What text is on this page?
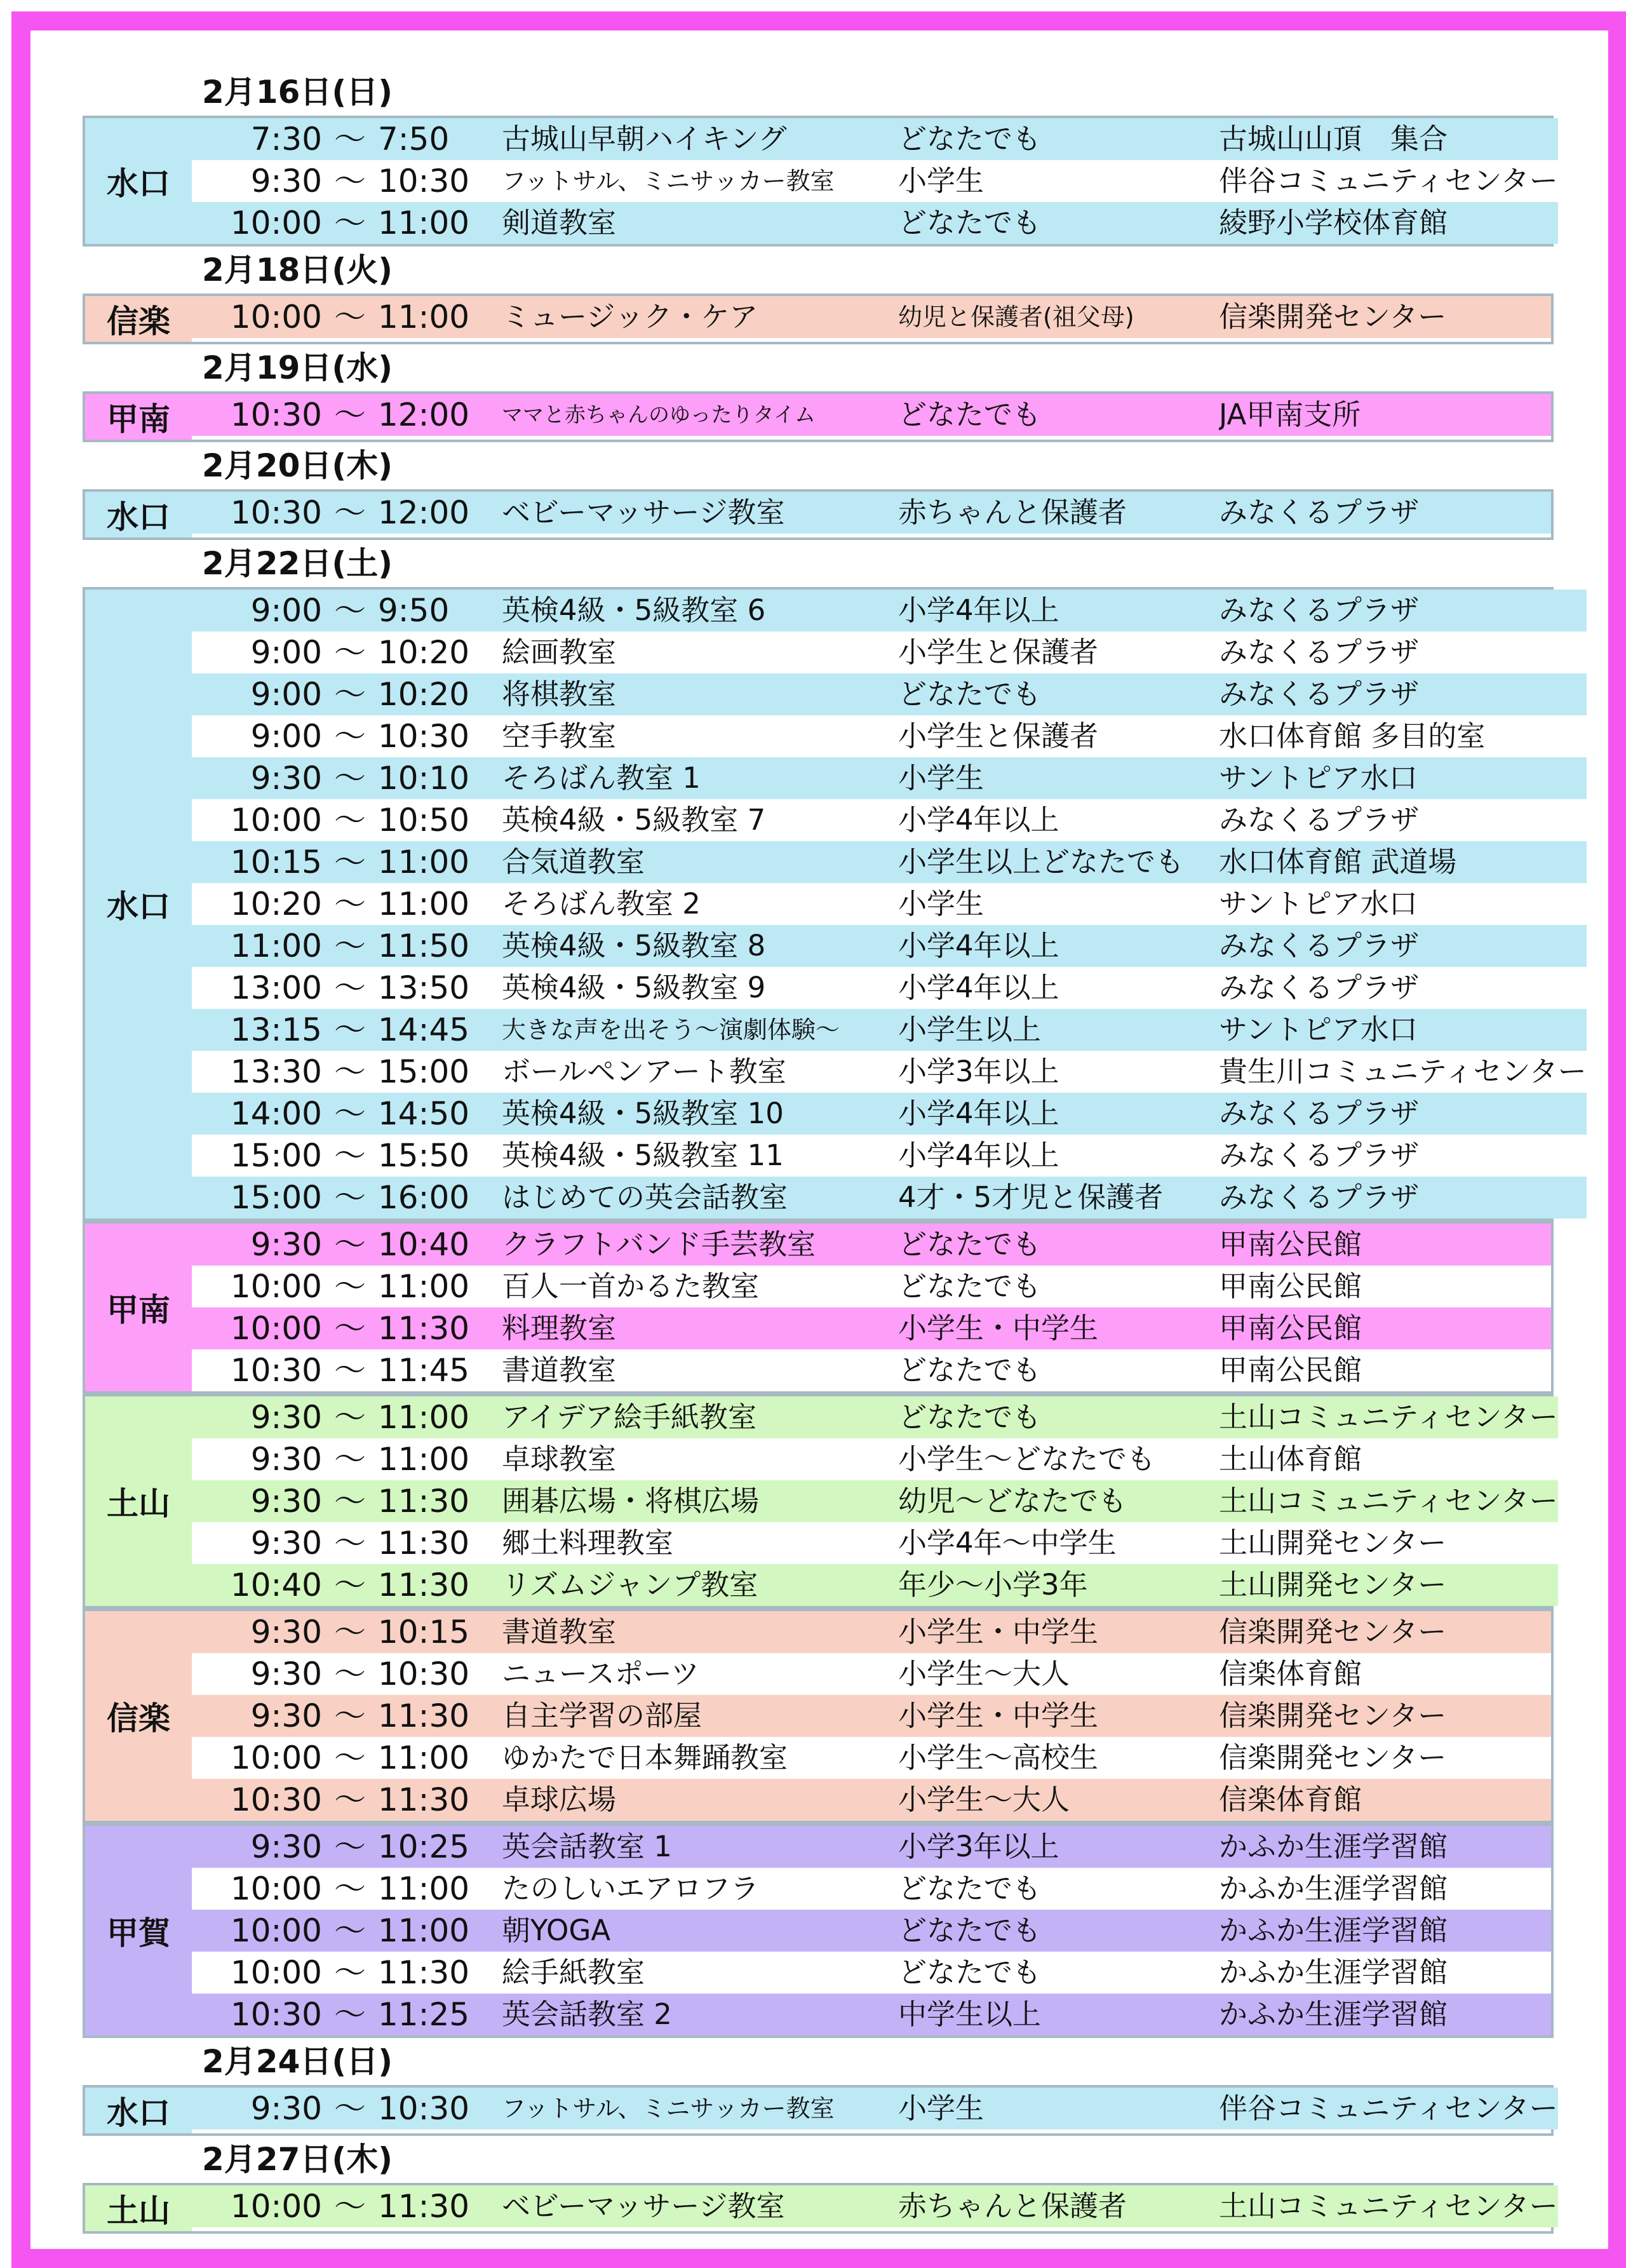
2月16日(日)
水口
7:30 〜 7:50	古城山早朝ハイキング	どなたでも	古城山山頂　集合
9:30 〜 10:30	フットサル、ミニサッカー教室	小学生	伴谷コミュニティセンター
10:00 〜 11:00	剣道教室	どなたでも	綾野小学校体育館
2月18日(火)
信楽	10:00 〜 11:00	ミュージック・ケア	幼児と保護者(祖父母)	信楽開発センター
2月19日(水)
甲南	10:30 〜 12:00	ママと赤ちゃんのゆったりタイム	どなたでも	JA甲南支所
2月20日(木)
水口	10:30 〜 12:00	ベビーマッサージ教室	赤ちゃんと保護者	みなくるプラザ
2月22日(土)
水口
9:00 〜 9:50	英検4級・5級教室 6	小学4年以上	みなくるプラザ
9:00 〜 10:20	絵画教室	小学生と保護者	みなくるプラザ
9:00 〜 10:20	将棋教室	どなたでも	みなくるプラザ
9:00 〜 10:30	空手教室	小学生と保護者	水口体育館 多目的室
9:30 〜 10:10	そろばん教室 1	小学生	サントピア水口
10:00 〜 10:50	英検4級・5級教室 7	小学4年以上	みなくるプラザ
10:15 〜 11:00	合気道教室	小学生以上どなたでも	水口体育館 武道場
10:20 〜 11:00	そろばん教室 2	小学生	サントピア水口
11:00 〜 11:50	英検4級・5級教室 8	小学4年以上	みなくるプラザ
13:00 〜 13:50	英検4級・5級教室 9	小学4年以上	みなくるプラザ
13:15 〜 14:45	大きな声を出そう〜演劇体験〜	小学生以上	サントピア水口
13:30 〜 15:00	ボールペンアート教室	小学3年以上	貴生川コミュニティセンター
14:00 〜 14:50	英検4級・5級教室 10	小学4年以上	みなくるプラザ
15:00 〜 15:50	英検4級・5級教室 11	小学4年以上	みなくるプラザ
15:00 〜 16:00	はじめての英会話教室	4才・5才児と保護者	みなくるプラザ
甲南
9:30 〜 10:40	クラフトバンド手芸教室	どなたでも	甲南公民館
10:00 〜 11:00	百人一首かるた教室	どなたでも	甲南公民館
10:00 〜 11:30	料理教室	小学生・中学生	甲南公民館
10:30 〜 11:45	書道教室	どなたでも	甲南公民館
土山
9:30 〜 11:00	アイデア絵手紙教室	どなたでも	土山コミュニティセンター
9:30 〜 11:00	卓球教室	小学生〜どなたでも	土山体育館
9:30 〜 11:30	囲碁広場・将棋広場	幼児〜どなたでも	土山コミュニティセンター
9:30 〜 11:30	郷土料理教室	小学4年〜中学生	土山開発センター
10:40 〜 11:30	リズムジャンプ教室	年少〜小学3年	土山開発センター
信楽
9:30 〜 10:15	書道教室	小学生・中学生	信楽開発センター
9:30 〜 10:30	ニュースポーツ	小学生〜大人	信楽体育館
9:30 〜 11:30	自主学習の部屋	小学生・中学生	信楽開発センター
10:00 〜 11:00	ゆかたで日本舞踊教室	小学生〜高校生	信楽開発センター
10:30 〜 11:30	卓球広場	小学生〜大人	信楽体育館
甲賀
9:30 〜 10:25	英会話教室 1	小学3年以上	かふか生涯学習館
10:00 〜 11:00	たのしいエアロフラ	どなたでも	かふか生涯学習館
10:00 〜 11:00	朝YOGA	どなたでも	かふか生涯学習館
10:00 〜 11:30	絵手紙教室	どなたでも	かふか生涯学習館
10:30 〜 11:25	英会話教室 2	中学生以上	かふか生涯学習館
2月24日(日)
水口	9:30 〜 10:30	フットサル、ミニサッカー教室	小学生	伴谷コミュニティセンター
2月27日(木)
土山	10:00 〜 11:30	ベビーマッサージ教室	赤ちゃんと保護者	土山コミュニティセンター
